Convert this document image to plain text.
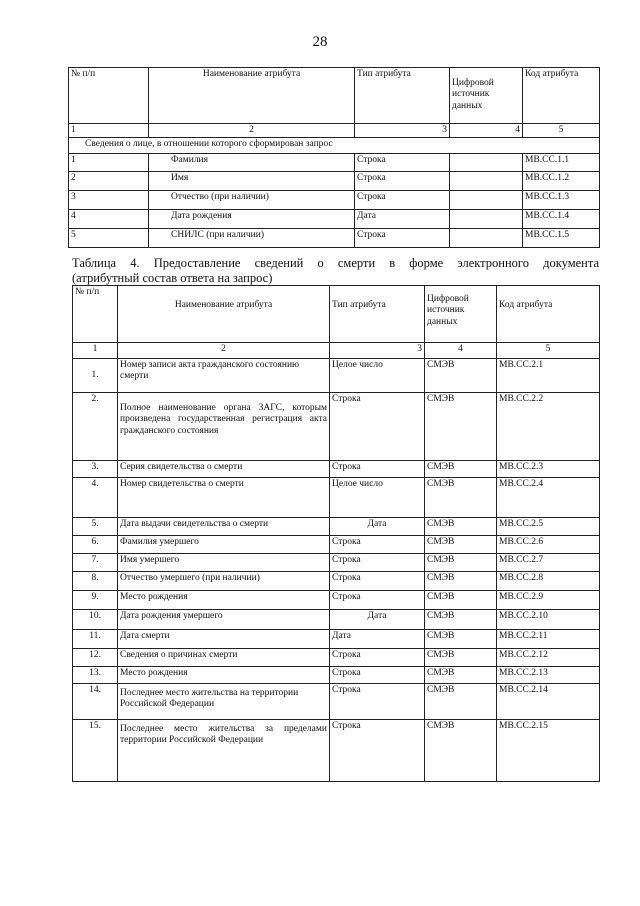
28
№ п/п	Наименование атрибута	Тип атрибута	Цифровой источник данных	Код атрибута
1	2	3	4	5
Сведения о лице, в отношении которого сформирован запрос				
1	Фамилия	Строка		МВ.СС.1.1
2	Имя	Строка		МВ.СС.1.2
3	Отчество (при наличии)	Строка		МВ.СС.1.3
4	Дата рождения	Дата		МВ.СС.1.4
5	СНИЛС (при наличии)	Строка		МВ.СС.1.5
Таблица 4. Предоставление сведений о смерти в форме электронного документа
(атрибутный состав ответа на запрос)
№ п/п	Наименование атрибута	Тип атрибута	Цифровой источник данных	Код атрибута
1	2	3	4	5
1.	Номер записи акта гражданского состоянию смерти	Целое число	СМЭВ	МВ.СС.2.1
2.	Полное наименование органа ЗАГС, которым произведена государственная регистрация акта гражданского состояния	Строка	СМЭВ	МВ.СС.2.2
3.	Серия свидетельства о смерти	Строка	СМЭВ	МВ.СС.2.3
4.	Номер свидетельства о смерти	Целое число	СМЭВ	МВ.СС.2.4
5.	Дата выдачи свидетельства о смерти	Дата	СМЭВ	МВ.СС.2.5
6.	Фамилия умершего	Строка	СМЭВ	МВ.СС.2.6
7.	Имя умершего	Строка	СМЭВ	МВ.СС.2.7
8.	Отчество умершего (при наличии)	Строка	СМЭВ	МВ.СС.2.8
9.	Место рождения	Строка	СМЭВ	МВ.СС.2.9
10.	Дата рождения умершего	Дата	СМЭВ	МВ.СС.2.10
11.	Дата смерти	Дата	СМЭВ	МВ.СС.2.11
12.	Сведения о причинах смерти	Строка	СМЭВ	МВ.СС.2.12
13.	Место рождения	Строка	СМЭВ	МВ.СС.2.13
14.	Последнее место жительства на территории Российской Федерации	Строка	СМЭВ	МВ.СС.2.14
15.	Последнее место жительства за пределами территории Российской Федерации	Строка	СМЭВ	МВ.СС.2.15
